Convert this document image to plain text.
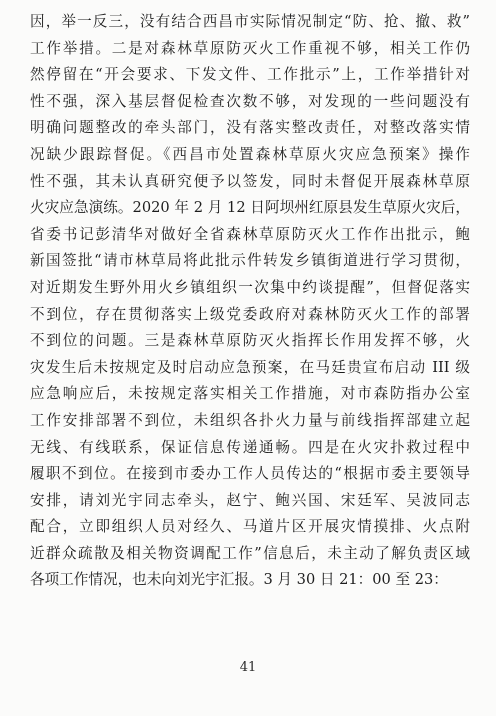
因，举一反三，没有结合西昌市实际情况制定“防、抢、撤、救”
工作举措。二是对森林草原防灭火工作重视不够，相关工作仍
然停留在“开会要求、下发文件、工作批示”上，工作举措针对
性不强，深入基层督促检查次数不够，对发现的一些问题没有
明确问题整改的牵头部门，没有落实整改责任，对整改落实情
况缺少跟踪督促。《西昌市处置森林草原火灾应急预案》操作
性不强，其未认真研究便予以签发，同时未督促开展森林草原
火灾应急演练。2020 年 2 月 12 日阿坝州红原县发生草原火灾后，
省委书记彭清华对做好全省森林草原防灭火工作作出批示，鲍
新国签批“请市林草局将此批示件转发乡镇街道进行学习贯彻，
对近期发生野外用火乡镇组织一次集中约谈提醒”，但督促落实
不到位，存在贯彻落实上级党委政府对森林防灭火工作的部署
不到位的问题。三是森林草原防灭火指挥长作用发挥不够，火
灾发生后未按规定及时启动应急预案，在马廷贵宣布启动 III 级
应急响应后，未按规定落实相关工作措施，对市森防指办公室
工作安排部署不到位，未组织各扑火力量与前线指挥部建立起
无线、有线联系，保证信息传递通畅。四是在火灾扑救过程中
履职不到位。在接到市委办工作人员传达的“根据市委主要领导
安排，请刘光宇同志牵头，赵宁、鲍兴国、宋廷军、吴波同志
配合，立即组织人员对经久、马道片区开展灾情摸排、火点附
近群众疏散及相关物资调配工作”信息后，未主动了解负责区域
各项工作情况，也未向刘光宇汇报。3 月 30 日 21：00 至 23：
41
